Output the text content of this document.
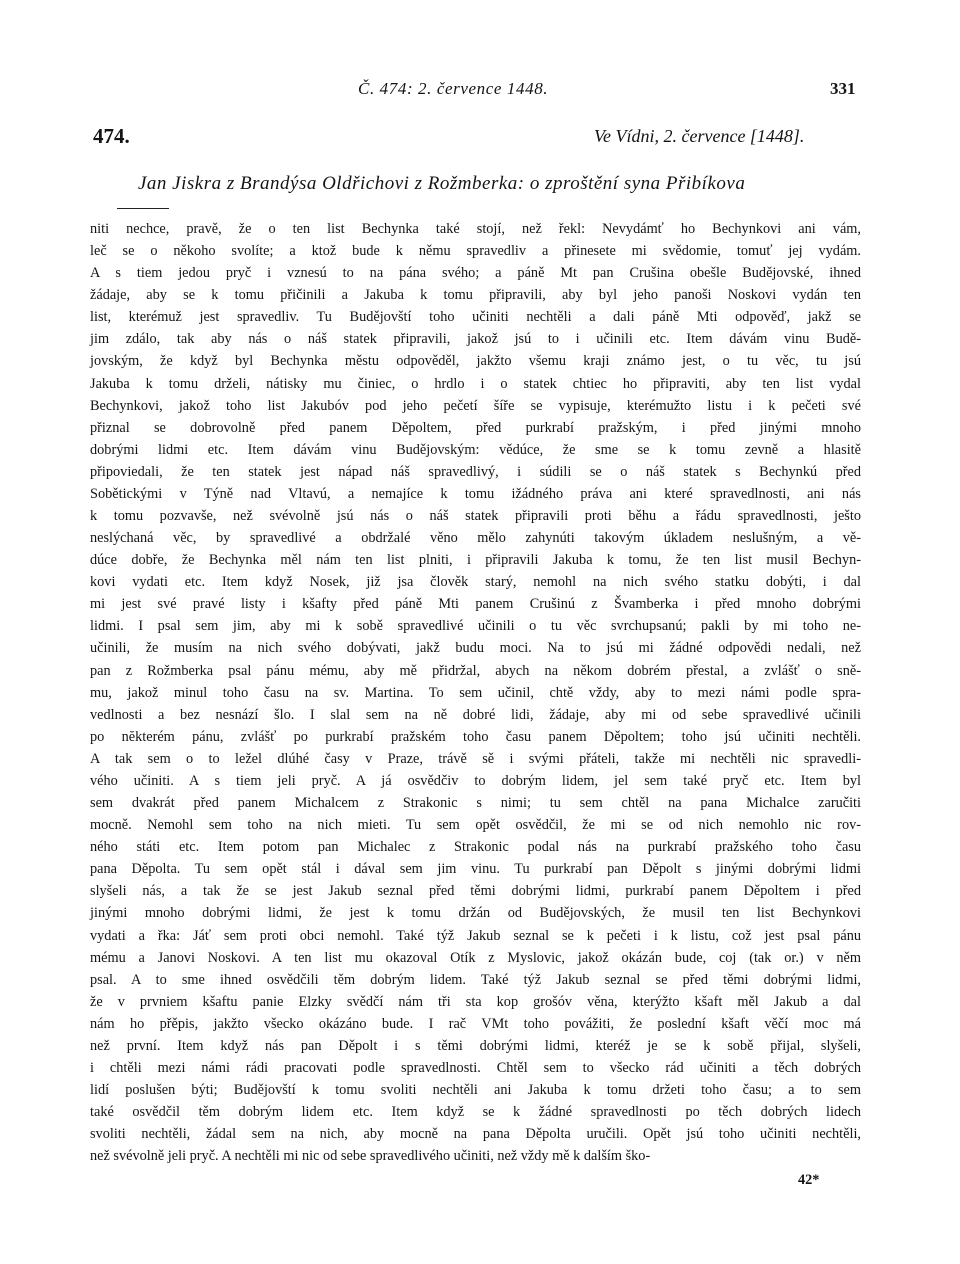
Č. 474: 2. července 1448.	331
474.	Ve Vídni, 2. července [1448].
Jan Jiskra z Brandýsa Oldřichovi z Rožmberka: o zproštění syna Přibíkova
niti nechce, pravě, že o ten list Bechynka také stojí, než řekl: Nevydámť ho Bechynkovi ani vám,
leč se o někoho svolíte; a ktož bude k němu spravedliv a přinesete mi svědomie, tomuť jej vydám.
A s tiem jedou pryč i vznesú to na pána svého; a páně Mt pan Crušina obešle Budějovské, ihned
žádaje, aby se k tomu přičinili a Jakuba k tomu připravili, aby byl jeho panoši Noskovi vydán ten
list, kterémuž jest spravedliv. Tu Budějovští toho učiniti nechtěli a dali páně Mti odpověď, jakž se
jim zdálo, tak aby nás o náš statek připravili, jakož jsú to i učinili etc. Item dávám vinu Budě-
jovským, že když byl Bechynka městu odpověděl, jakžto všemu kraji známo jest, o tu věc, tu jsú
Jakuba k tomu drželi, nátisky mu činiec, o hrdlo i o statek chtiec ho připraviti, aby ten list vydal
Bechynkovi, jakož toho list Jakubóv pod jeho pečetí šíře se vypisuje, kterémužto listu i k pečeti své
přiznal se dobrovolně před panem Děpoltem, před purkrabí pražským, i před jinými mnoho
dobrými lidmi etc. Item dávám vinu Budějovským: vědúce, že sme se k tomu zevně a hlasitě
připoviedali, že ten statek jest nápad náš spravedlivý, i súdili se o náš statek s Bechynkú před
Sobětickými v Týně nad Vltavú, a nemajíce k tomu ižádného práva ani které spravedlnosti, ani nás
k tomu pozvavše, než svévolně jsú nás o náš statek připravili proti běhu a řádu spravedlnosti, ješto
neslýchaná věc, by spravedlivé a obdržalé věno mělo zahynúti takovým úkladem neslušným, a vě-
dúce dobře, že Bechynka měl nám ten list plniti, i připravili Jakuba k tomu, že ten list musil Bechyn-
kovi vydati etc. Item když Nosek, již jsa člověk starý, nemohl na nich svého statku dobýti, i dal
mi jest své pravé listy i kšafty před páně Mti panem Crušinú z Švamberka i před mnoho dobrými
lidmi. I psal sem jim, aby mi k sobě spravedlivé učinili o tu věc svrchupsanú; pakli by mi toho ne-
učinili, že musím na nich svého dobývati, jakž budu moci. Na to jsú mi žádné odpovědi nedali, než
pan z Rožmberka psal pánu mému, aby mě přidržal, abych na někom dobrém přestal, a zvlášť o sně-
mu, jakož minul toho času na sv. Martina. To sem učinil, chtě vždy, aby to mezi námi podle spra-
vedlnosti a bez nesnází šlo. I slal sem na ně dobré lidi, žádaje, aby mi od sebe spravedlivé učinili
po nĕkterém pánu, zvlášť po purkrabí pražském toho času panem Děpoltem; toho jsú učiniti nechtěli.
A tak sem o to ležel dlúhé časy v Praze, trávě sě i svými přáteli, takže mi nechtěli nic spravedli-
vého učiniti. A s tiem jeli pryč. A já osvědčiv to dobrým lidem, jel sem také pryč etc. Item byl
sem dvakrát před panem Michalcem z Strakonic s nimi; tu sem chtěl na pana Michalce zaručiti
mocně. Nemohl sem toho na nich mieti. Tu sem opět osvědčil, že mi se od nich nemohlo nic rov-
ného státi etc. Item potom pan Michalec z Strakonic podal nás na purkrabí pražského toho času
pana Děpolta. Tu sem opět stál i dával sem jim vinu. Tu purkrabí pan Děpolt s jinými dobrými lidmi
slyšeli nás, a tak že se jest Jakub seznal před těmi dobrými lidmi, purkrabí panem Děpoltem i před
jinými mnoho dobrými lidmi, že jest k tomu držán od Budějovských, že musil ten list Bechynkovi
vydati a řka: Jáť sem proti obci nemohl. Také týž Jakub seznal se k pečeti i k listu, což jest psal pánu
mému a Janovi Noskovi. A ten list mu okazoval Otík z Myslovic, jakož okázán bude, coj (tak or.) v něm
psal. A to sme ihned osvědčili těm dobrým lidem. Také týž Jakub seznal se před těmi dobrými lidmi,
že v prvniem kšaftu panie Elzky svědčí nám tři sta kop grošóv věna, kterýžto kšaft měl Jakub a dal
nám ho přěpis, jakžto všecko okázáno bude. I rač VMt toho povážiti, že poslední kšaft věčí moc má
než první. Item když nás pan Děpolt i s těmi dobrými lidmi, kteréž je se k sobě přijal, slyšeli,
i chtěli mezi námi rádi pracovati podle spravedlnosti. Chtěl sem to všecko rád učiniti a těch dobrých
lidí poslušen býti; Budějovští k tomu svoliti nechtěli ani Jakuba k tomu držeti toho času; a to sem
také osvědčil těm dobrým lidem etc. Item když se k žádné spravedlnosti po těch dobrých lidech
svoliti nechtěli, žádal sem na nich, aby mocně na pana Děpolta uručili. Opět jsú toho učiniti nechtěli,
než svévolně jeli pryč. A nechtěli mi nic od sebe spravedlivého učiniti, než vždy mě k dalším ško-
42*
